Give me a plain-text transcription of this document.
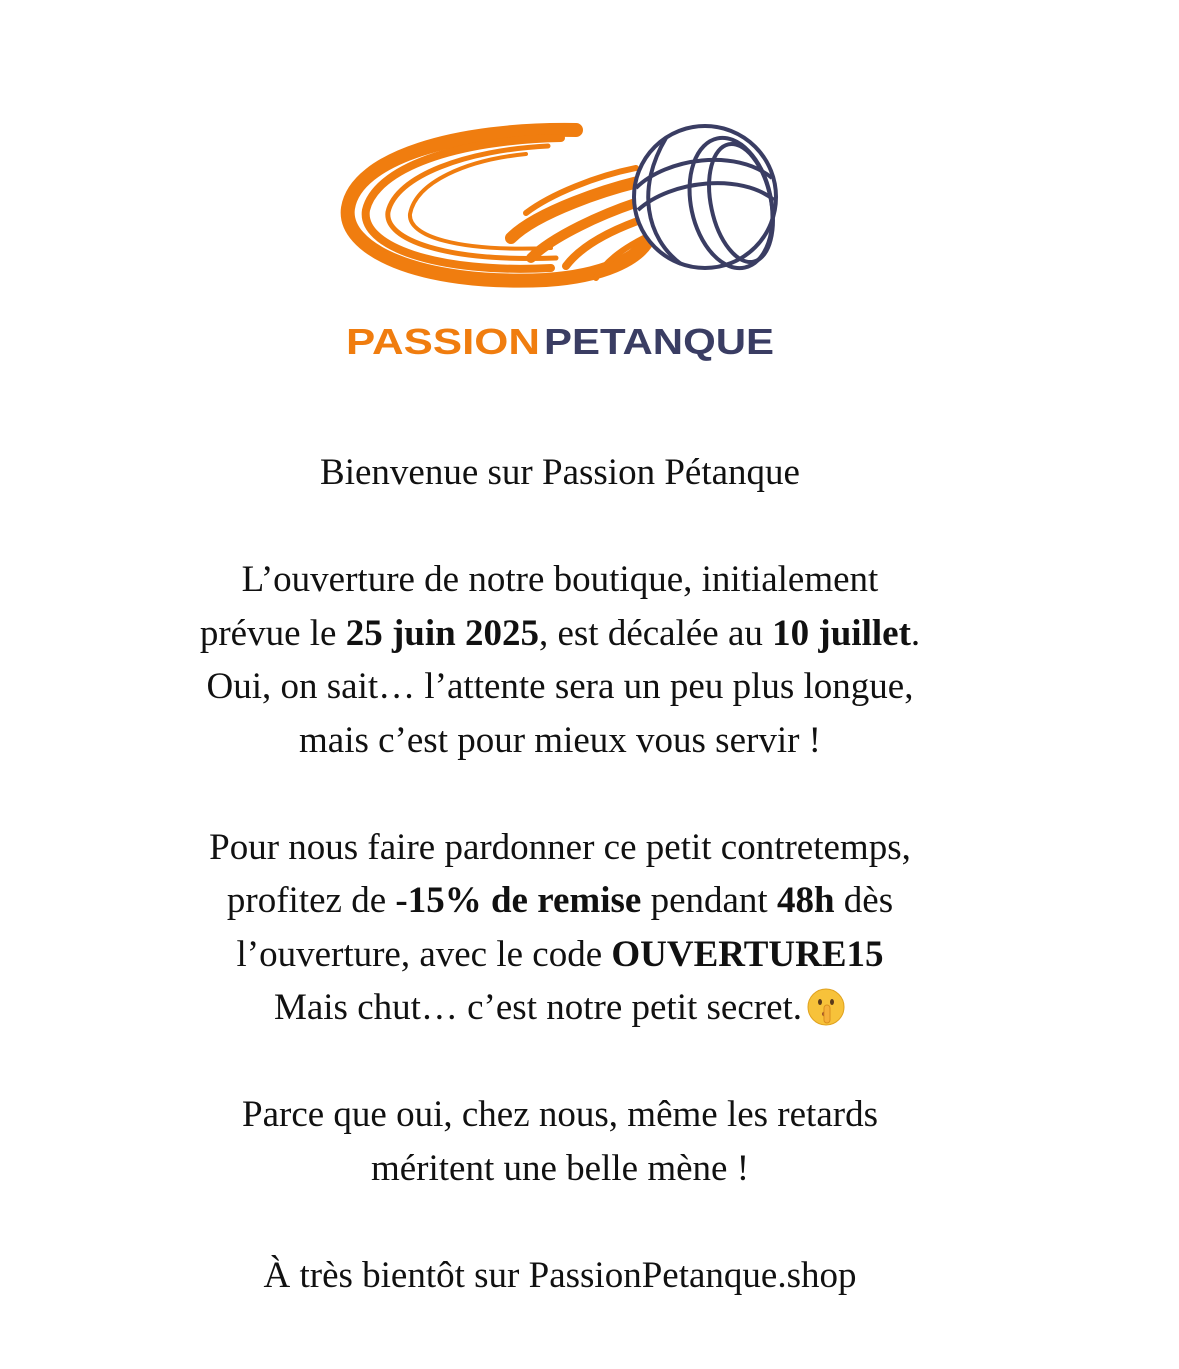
PASSION PETANQUE

Bienvenue sur Passion Pétanque

L’ouverture de notre boutique, initialement

prévue le 25 juin 2025, est décalée au 10 juillet.

Oui, on sait… l’attente sera un peu plus longue,

mais c’est pour mieux vous servir !

Pour nous faire pardonner ce petit contretemps,

profitez de -15% de remise pendant 48h dès

l’ouverture, avec le code OUVERTURE15

Mais chut… c’est notre petit secret.

Parce que oui, chez nous, même les retards

méritent une belle mène !

À très bientôt sur PassionPetanque.shop
